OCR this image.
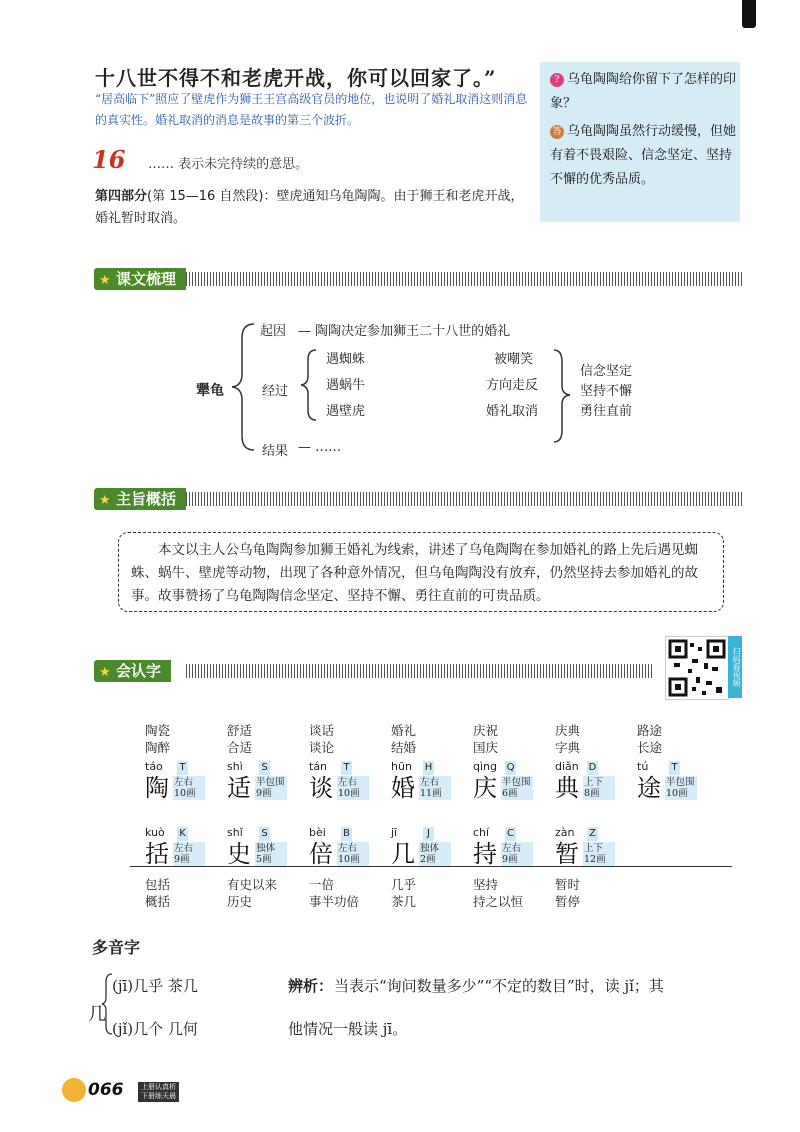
十八世不得不和老虎开战，你可以回家了。”
“居高临下”照应了壁虎作为狮王王宫高级官员的地位，也说明了婚礼取消这则消息的真实性。婚礼取消的消息是故事的第三个波折。
16 …… 表示未完待续的意思。
第四部分(第 15—16 自然段)：壁虎通知乌龟陶陶。由于狮王和老虎开战，婚礼暂时取消。
? 乌龟陶陶给你留下了怎样的印象？
答 乌龟陶陶虽然行动缓慢，但她有着不畏艰险、信念坚定、坚持不懈的优秀品质。
★ 课文梳理
犟龟
起因 — 陶陶决定参加狮王二十八世的婚礼
经过
遇蜘蛛
遇蜗牛
遇壁虎
被嘲笑
方向走反
婚礼取消
信念坚定
坚持不懈
勇往直前
结果 — ……
★ 主旨概括
本文以主人公乌龟陶陶参加狮王婚礼为线索，讲述了乌龟陶陶在参加婚礼的路上先后遇见蜘蛛、蜗牛、壁虎等动物，出现了各种意外情况，但乌龟陶陶没有放弃，仍然坚持去参加婚礼的故事。故事赞扬了乌龟陶陶信念坚定、坚持不懈、勇往直前的可贵品质。
★ 会认字	扫码看视频
táo T
陶 左右
10画
陶瓷
陶醉
shì S
适 半包围
9画
舒适
合适
tán T
谈 左右
10画
谈话
谈论
hūn H
婚 左右
11画
婚礼
结婚
qìng Q
庆 半包围
6画
庆祝
国庆
diǎn D
典 上下
8画
庆典
字典
tú T
途 半包围
10画
路途
长途
kuò K
括 左右
9画
包括
概括
shǐ S
史 独体
5画
有史以来
历史
bèi B
倍 左右
10画
一倍
事半功倍
jī	J
几 独体
2画
几乎
茶几
chí C
持 左右
9画
坚持
持之以恒
zàn Z
暂 上下
12画
暂时
暂停
多音字
几
(jī)几乎 茶几
(jǐ)几个 几何
辨析： 当表示“询问数量多少”“不定的数目”时，读 jǐ；其
他情况一般读 jī。
066	上册认真析
下册练天晨
